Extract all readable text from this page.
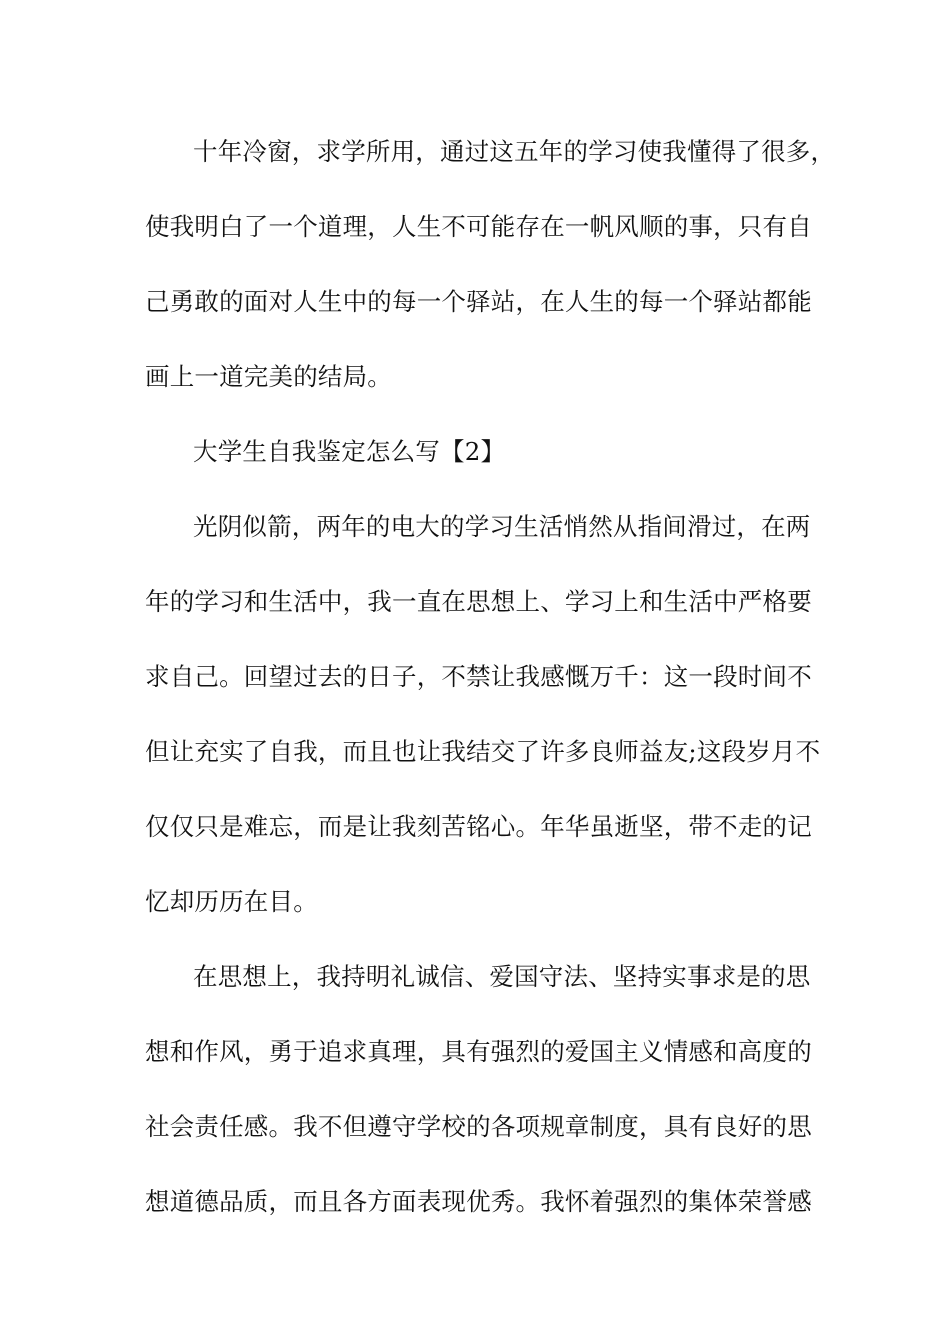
十年冷窗，求学所用，通过这五年的学习使我懂得了很多，
使我明白了一个道理，人生不可能存在一帆风顺的事，只有自
己勇敢的面对人生中的每一个驿站，在人生的每一个驿站都能
画上一道完美的结局。
大学生自我鉴定怎么写【2】
光阴似箭，两年的电大的学习生活悄然从指间滑过，在两
年的学习和生活中，我一直在思想上、学习上和生活中严格要
求自己。回望过去的日子，不禁让我感慨万千：这一段时间不
但让充实了自我，而且也让我结交了许多良师益友;这段岁月不
仅仅只是难忘，而是让我刻苦铭心。年华虽逝坚，带不走的记
忆却历历在目。
在思想上，我持明礼诚信、爱国守法、坚持实事求是的思
想和作风，勇于追求真理，具有强烈的爱国主义情感和高度的
社会责任感。我不但遵守学校的各项规章制度，具有良好的思
想道德品质，而且各方面表现优秀。我怀着强烈的集体荣誉感
